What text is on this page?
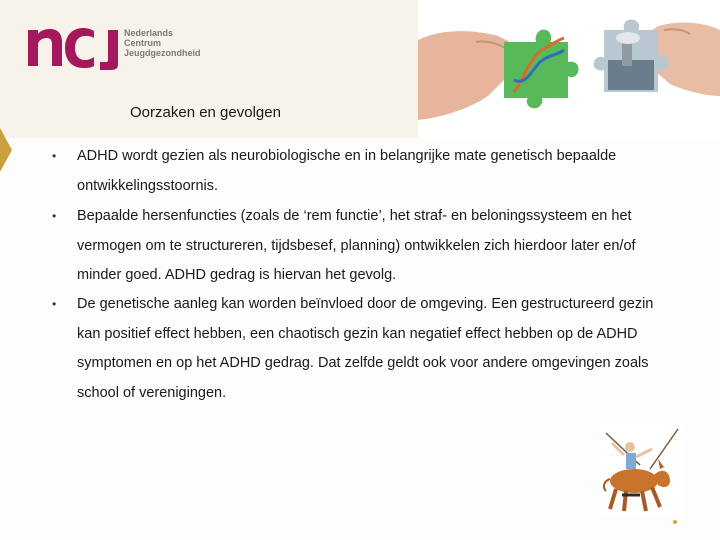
Nederlands
Centrum
Jeugdgezondheid
Oorzaken en gevolgen
• ADHD wordt gezien als neurobiologische en in belangrijke mate genetisch bepaalde ontwikkelingsstoornis.
• Bepaalde hersenfuncties (zoals de ‘rem functie’, het straf- en beloningssysteem en het vermogen om te structureren, tijdsbesef, planning) ontwikkelen zich hierdoor later en/of minder goed. ADHD gedrag is hiervan het gevolg.
• De genetische aanleg kan worden beïnvloed door de omgeving. Een gestructureerd gezin kan positief effect hebben, een chaotisch gezin kan negatief effect hebben op de ADHD symptomen en op het ADHD gedrag. Dat zelfde geldt ook voor andere omgevingen zoals school of verenigingen.
